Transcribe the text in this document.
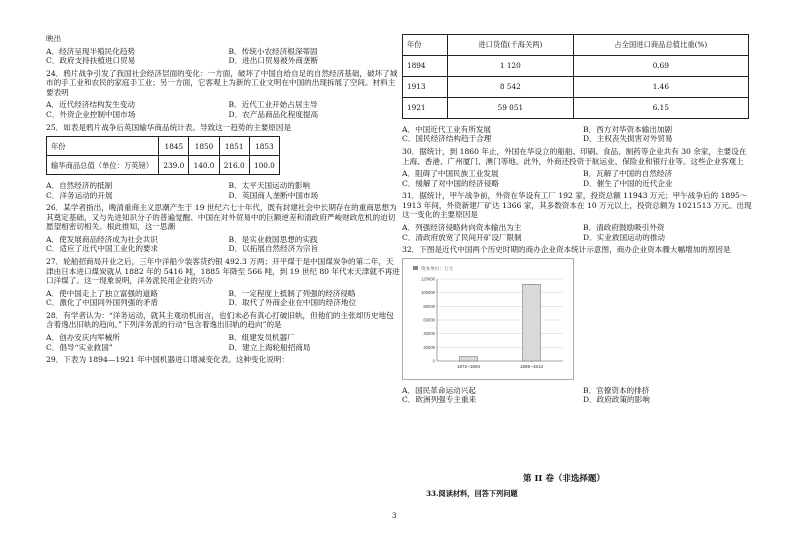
映出

A．经济呈现半殖民化趋势	B．传统小农经济根深蒂固
C．政府支持扶植进口贸易	D．进出口贸易被外商垄断

24．鸦片战争引发了我国社会经济层面的变化：一方面，破坏了中国自给自足的自然经济基础，破坏了城市的手工业和农民的家庭手工业；另一方面，它客观上为新的工业文明在中国的出现拆展了空间。材料主要表明

A．近代经济结构发生变动	B．近代工业开始占居主导
C．外资企业控制中国市场	D．农产品商品化程度提高

25．如表是鸦片战争后英国输华商品统计表。导致这一趋势的主要原因是

年份	1845	1850	1851	1853
输华商品总值（单位：万英镑）	239.0	140.0	216.0	100.0
A．自然经济的抵制	B．太平天国运动的影响
C．洋务运动的开展	D．英国商人垄断中国市场

26．某学者指出，晚清重商主义思潮产生于 19 世纪六七十年代，既有封建社会中长期存在的重商思想为其奠定基础，又与先进知识分子的普遍觉醒、中国在对外贸易中的巨额逆差和清政府严峻财政危机的迫切愿望相密切相关。根此推知，这一思潮

A．使发展商品经济成为社会共识	B．是实业救国思想的实践
C．适应了近代中国工业化的要求	D．以拓展自然经济为宗旨

27．轮船招商局开业之后，三年中洋船少装客货约银 492.3 万两；开平煤于是中国煤炭争的第二年，天津由日本进口煤炭就从 1882 年的 5416 吨，1885 年降至 566 吨，到 19 世纪 80 年代末天津就不再进口洋煤了。这一现象说明，洋务派民用企业的兴办

A．使中国走上了独立富强的道路	B．一定程度上抵制了列强的经济侵略
C．激化了中国同外国列强的矛盾	D．取代了外商企业在中国的经济地位

28．有学者认为：“洋务运动，就其主观动机而言，也们未必有真心打破旧轨，但他们的主张却历史地包含着逸出旧轨的趋向。”下列洋务派的行动“包含着逸出旧轨的趋向”的是

A．创办安庆内军械所	B．组建发员机器厂
C．倡导“实业救国”	D．建立上海轮船招商局

29．下表为 1894—1921 年中国机器进口增减变化表。这种变化说明：

年份	进口货值(千海关两)	占全国进口商品总值比重(%)
1894	1 120	0.69
1913	8 542	1.46
1921	59 051	6.15
A．中国近代工业有所发展	B．西方对华资本输出加剧
C．国民经济结构趋于合理	D．主权丧失损害对外贸易

30．据统计，到 1860 年止，外国在华设立的船舶、印刷、食品、制药等企业共有 30 余家，主要设在上海、香港、广州厦门、澳门等地。此外，外商还投资于航运业、保险业和银行业等。这些企业客观上

A．阻碍了中国民族工业发展	B．瓦解了中国的自然经济
C．缓解了对中国的经济侵略	D．催生了中国的近代企业

31．据统计，甲午战争前，外资在华设有工厂 192 家，投资总额 11943 万元；甲午战争后的 1895～1913 年间，外资新建厂矿达 1366 家，其多数资本在 10 万元以上，投资总额为 1021513 万元。出现这一变化的主要原因是

A．列强经济侵略转向资本输出为主	B．清政府鼓励吸引外资
C．清政府放宽了民间开矿设厂限制	D．实业救国运动的推动

32．下图是近代中国两个历史时期的商办企业资本统计示意图，商办企业资本骤大幅增加的原因是

资本单位：万元
0
20000
40000
60000
80000
100000
120000
1872~1894	1895~1913
A．国民革命运动兴起	B．官僚资本的排挤
C．欧洲列强专主重来	D．政府政策的影响
第 II 卷（非选择题）
33.阅读材料，回答下列问题
3
